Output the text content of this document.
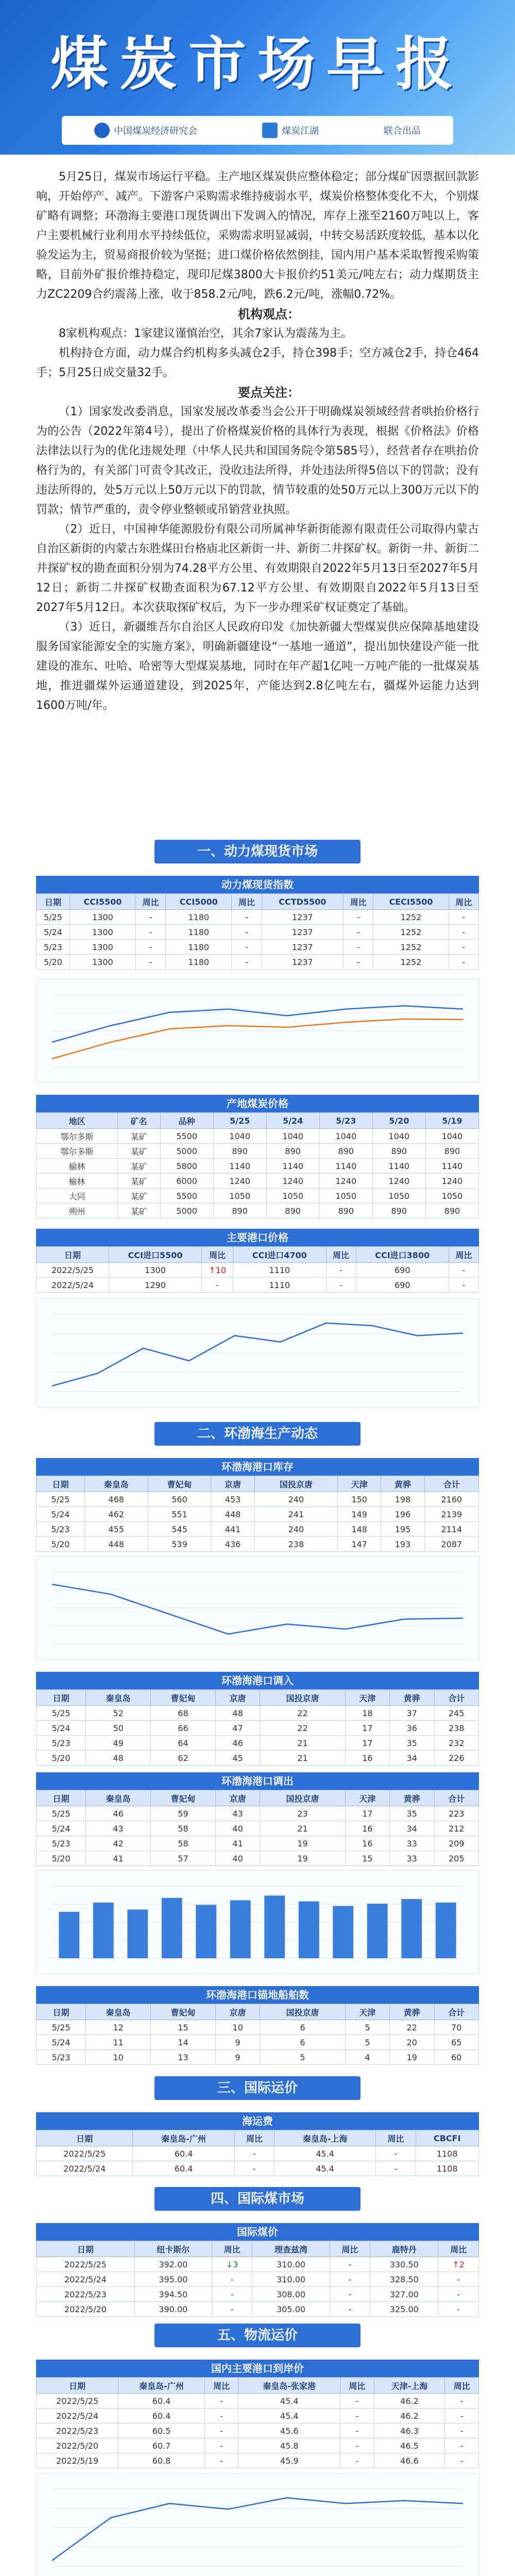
煤炭市场早报
中国煤炭经济研究会	煤炭江湖	联合出品

5月25日，煤炭市场运行平稳。主产地区煤炭供应整体稳定；部分煤矿因票据回款影响，开始停产、减产。下游客户采购需求维持疲弱水平，煤炭价格整体变化不大，个别煤矿略有调整；环渤海主要港口现货调出下发调入的情况，库存上涨至2160万吨以上，客户主要机械行业利用水平持续低位，采购需求明显减弱，中转交易活跃度较低，基本以化验发运为主，贸易商报价较为坚挺；进口煤价格依然倒挂，国内用户基本采取暂搜采购策略，目前外矿报价维持稳定，现印尼煤3800大卡报价约51美元/吨左右；动力煤期货主力ZC2209合约震荡上涨，收于858.2元/吨，跌6.2元/吨，涨幅0.72%。

机构观点：

8家机构观点：1家建议谨慎治空，其余7家认为震荡为主。

机构持仓方面，动力煤合约机构多头减仓2手，持仓398手；空方减仓2手，持仓464手；5月25日成交量32手。

要点关注：

（1）国家发改委消息，国家发展改革委当会公开于明确煤炭领域经营者哄抬价格行为的公告（2022年第4号），提出了价格煤炭价格的具体行为表现，根据《价格法》价格法律法以行为的优化违规处理（中华人民共和国国务院令第585号），经营者存在哄抬价格行为的，有关部门可责令其改正，没收违法所得，并处违法所得5倍以下的罚款；没有违法所得的，处5万元以上50万元以下的罚款，情节较重的处50万元以上300万元以下的罚款；情节严重的，责令停业整顿或吊销营业执照。

（2）近日，中国神华能源股份有限公司所属神华新街能源有限责任公司取得内蒙古自治区新街的内蒙古东胜煤田台格庙北区新街一井、新街二井探矿权。新街一井、新街二井探矿权的勘查面积分别为74.28平方公里、有效期限自2022年5月13日至2027年5月12日；新街二井探矿权勘查面积为67.12平方公里、有效期限自2022年5月13日至2027年5月12日。本次获取探矿权后，为下一步办理采矿权证奠定了基础。

（3）近日，新疆维吾尔自治区人民政府印发《加快新疆大型煤炭供应保障基地建设服务国家能源安全的实施方案》，明确新疆建设“一基地一通道”，提出加快建设产能一批建设的准东、吐哈、哈密等大型煤炭基地，同时在年产超1亿吨一万吨产能的一批煤炭基地，推进疆煤外运通道建设，到2025年，产能达到2.8亿吨左右，疆煤外运能力达到1600万吨/年。

一、动力煤现货市场
动力煤现货指数
日期	CCI5500	周比	CCI5000	周比	CCTD5500	周比	CECI5500	周比
5/25	1300	-	1180	-	1237	-	1252	-
5/24	1300	-	1180	-	1237	-	1252	-
5/23	1300	-	1180	-	1237	-	1252	-
5/20	1300	-	1180	-	1237	-	1252	-
产地煤炭价格
地区	矿名	品种	5/25	5/24	5/23	5/20	5/19
鄂尔多斯	某矿	5500	1040	1040	1040	1040	1040
鄂尔多斯	某矿	5000	890	890	890	890	890
榆林	某矿	5800	1140	1140	1140	1140	1140
榆林	某矿	6000	1240	1240	1240	1240	1240
大同	某矿	5500	1050	1050	1050	1050	1050
朔州	某矿	5000	890	890	890	890	890
主要港口价格
日期	CCI进口5500	周比	CCI进口4700	周比	CCI进口3800	周比
2022/5/25	1300	↑10	1110	-	690	-
2022/5/24	1290	-	1110	-	690	-
二、环渤海生产动态
环渤海港口库存
日期	秦皇岛	曹妃甸	京唐	国投京唐	天津	黄骅	合计
5/25	468	560	453	240	150	198	2160
5/24	462	551	448	241	149	196	2139
5/23	455	545	441	240	148	195	2114
5/20	448	539	436	238	147	193	2087
环渤海港口调入
日期	秦皇岛	曹妃甸	京唐	国投京唐	天津	黄骅	合计
5/25	52	68	48	22	18	37	245
5/24	50	66	47	22	17	36	238
5/23	49	64	46	21	17	35	232
5/20	48	62	45	21	16	34	226
环渤海港口调出
日期	秦皇岛	曹妃甸	京唐	国投京唐	天津	黄骅	合计
5/25	46	59	43	23	17	35	223
5/24	43	58	40	21	16	34	212
5/23	42	58	41	19	16	33	209
5/20	41	57	40	19	15	33	205
环渤海港口锚地船舶数
日期	秦皇岛	曹妃甸	京唐	国投京唐	天津	黄骅	合计
5/25	12	15	10	6	5	22	70
5/24	11	14	9	6	5	20	65
5/23	10	13	9	5	4	19	60
三、国际运价
海运费
日期	秦皇岛-广州	周比	秦皇岛-上海	周比	CBCFI
2022/5/25	60.4	-	45.4	-	1108
2022/5/24	60.4	-	45.4	-	1108
四、国际煤市场
国际煤价
日期	纽卡斯尔	周比	理查兹湾	周比	鹿特丹	周比
2022/5/25	392.00	↓3	310.00	-	330.50	↑2
2022/5/24	395.00	-	310.00	-	328.50	-
2022/5/23	394.50	-	308.00	-	327.00	-
2022/5/20	390.00	-	305.00	-	325.00	-
五、物流运价
国内主要港口到岸价
日期	秦皇岛-广州	周比	秦皇岛-张家港	周比	天津-上海	周比
2022/5/25	60.4	-	45.4	-	46.2	-
2022/5/24	60.4	-	45.4	-	46.2	-
2022/5/23	60.5	-	45.6	-	46.3	-
2022/5/20	60.7	-	45.8	-	46.5	-
2022/5/19	60.8	-	45.9	-	46.6	-
